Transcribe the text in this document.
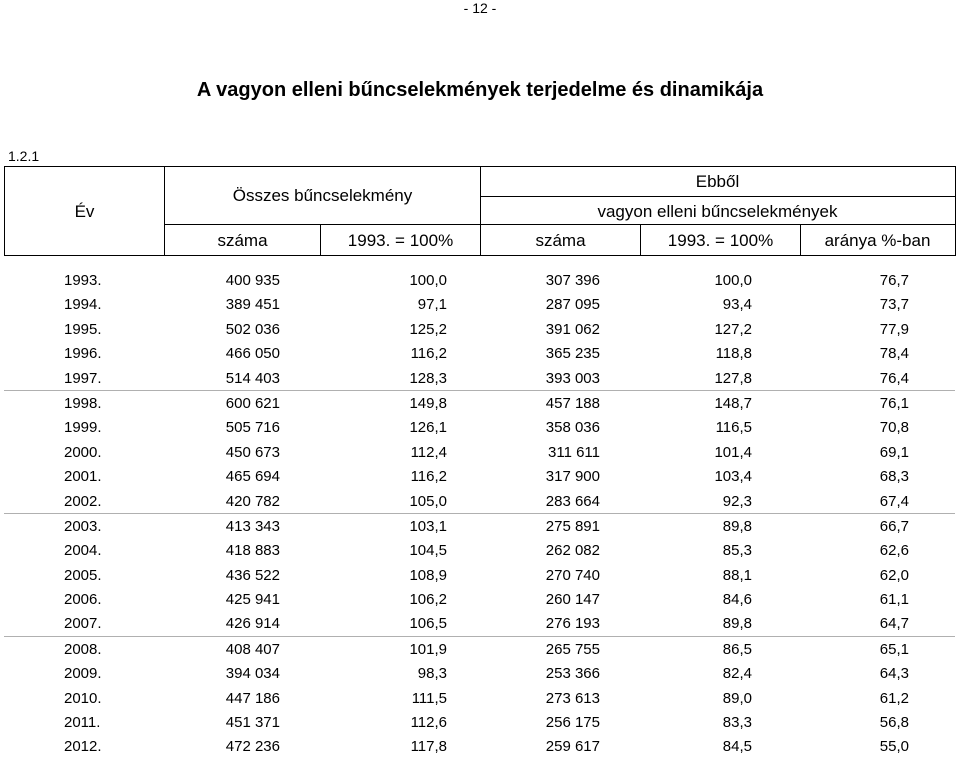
- 12 -
A vagyon elleni bűncselekmények terjedelme és dinamikája
1.2.1
Év
Összes bűncselekmény
Ebből
vagyon elleni bűncselekmények
száma	1993. = 100%	száma	1993. = 100%	aránya %-ban
1993.	400 935	100,0	307 396	100,0	76,7
1994.	389 451	97,1	287 095	93,4	73,7
1995.	502 036	125,2	391 062	127,2	77,9
1996.	466 050	116,2	365 235	118,8	78,4
1997.	514 403	128,3	393 003	127,8	76,4
1998.	600 621	149,8	457 188	148,7	76,1
1999.	505 716	126,1	358 036	116,5	70,8
2000.	450 673	112,4	311 611	101,4	69,1
2001.	465 694	116,2	317 900	103,4	68,3
2002.	420 782	105,0	283 664	92,3	67,4
2003.	413 343	103,1	275 891	89,8	66,7
2004.	418 883	104,5	262 082	85,3	62,6
2005.	436 522	108,9	270 740	88,1	62,0
2006.	425 941	106,2	260 147	84,6	61,1
2007.	426 914	106,5	276 193	89,8	64,7
2008.	408 407	101,9	265 755	86,5	65,1
2009.	394 034	98,3	253 366	82,4	64,3
2010.	447 186	111,5	273 613	89,0	61,2
2011.	451 371	112,6	256 175	83,3	56,8
2012.	472 236	117,8	259 617	84,5	55,0
